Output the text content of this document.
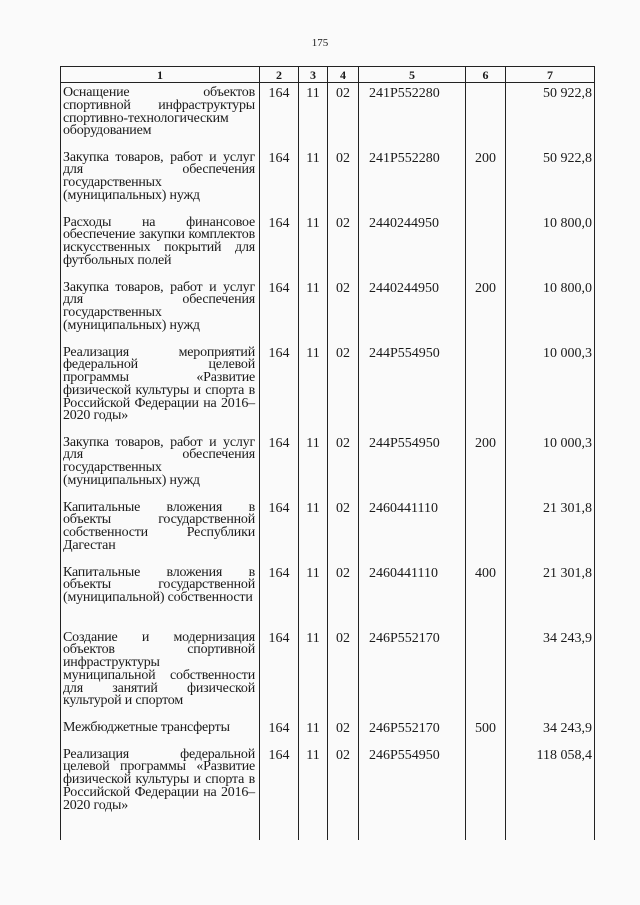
175
1	2	3	4	5	6	7
Оснащение объектов спортивной инфраструктуры спортивно-технологическим оборудованием	164	11	02	241P552280		50 922,8
Закупка товаров, работ и услуг для обеспечения государственных (муниципальных) нужд	164	11	02	241P552280	200	50 922,8
Расходы на финансовое обеспечение закупки комплектов искусственных покрытий для футбольных полей	164	11	02	2440244950		10 800,0
Закупка товаров, работ и услуг для обеспечения государственных (муниципальных) нужд	164	11	02	2440244950	200	10 800,0
Реализация мероприятий федеральной целевой программы «Развитие физической культуры и спорта в Российской Федерации на 2016–2020 годы»	164	11	02	244P554950		10 000,3
Закупка товаров, работ и услуг для обеспечения государственных (муниципальных) нужд	164	11	02	244P554950	200	10 000,3
Капитальные вложения в объекты государственной собственности Республики Дагестан	164	11	02	2460441110		21 301,8
Капитальные вложения в объекты государственной (муниципальной) собственности	164	11	02	2460441110	400	21 301,8
Создание и модернизация объектов спортивной инфраструктуры муниципальной собственности для занятий физической культурой и спортом	164	11	02	246P552170		34 243,9
Межбюджетные трансферты	164	11	02	246P552170	500	34 243,9
Реализация федеральной целевой программы «Развитие физической культуры и спорта в Российской Федерации на 2016–2020 годы»	164	11	02	246P554950		118 058,4
